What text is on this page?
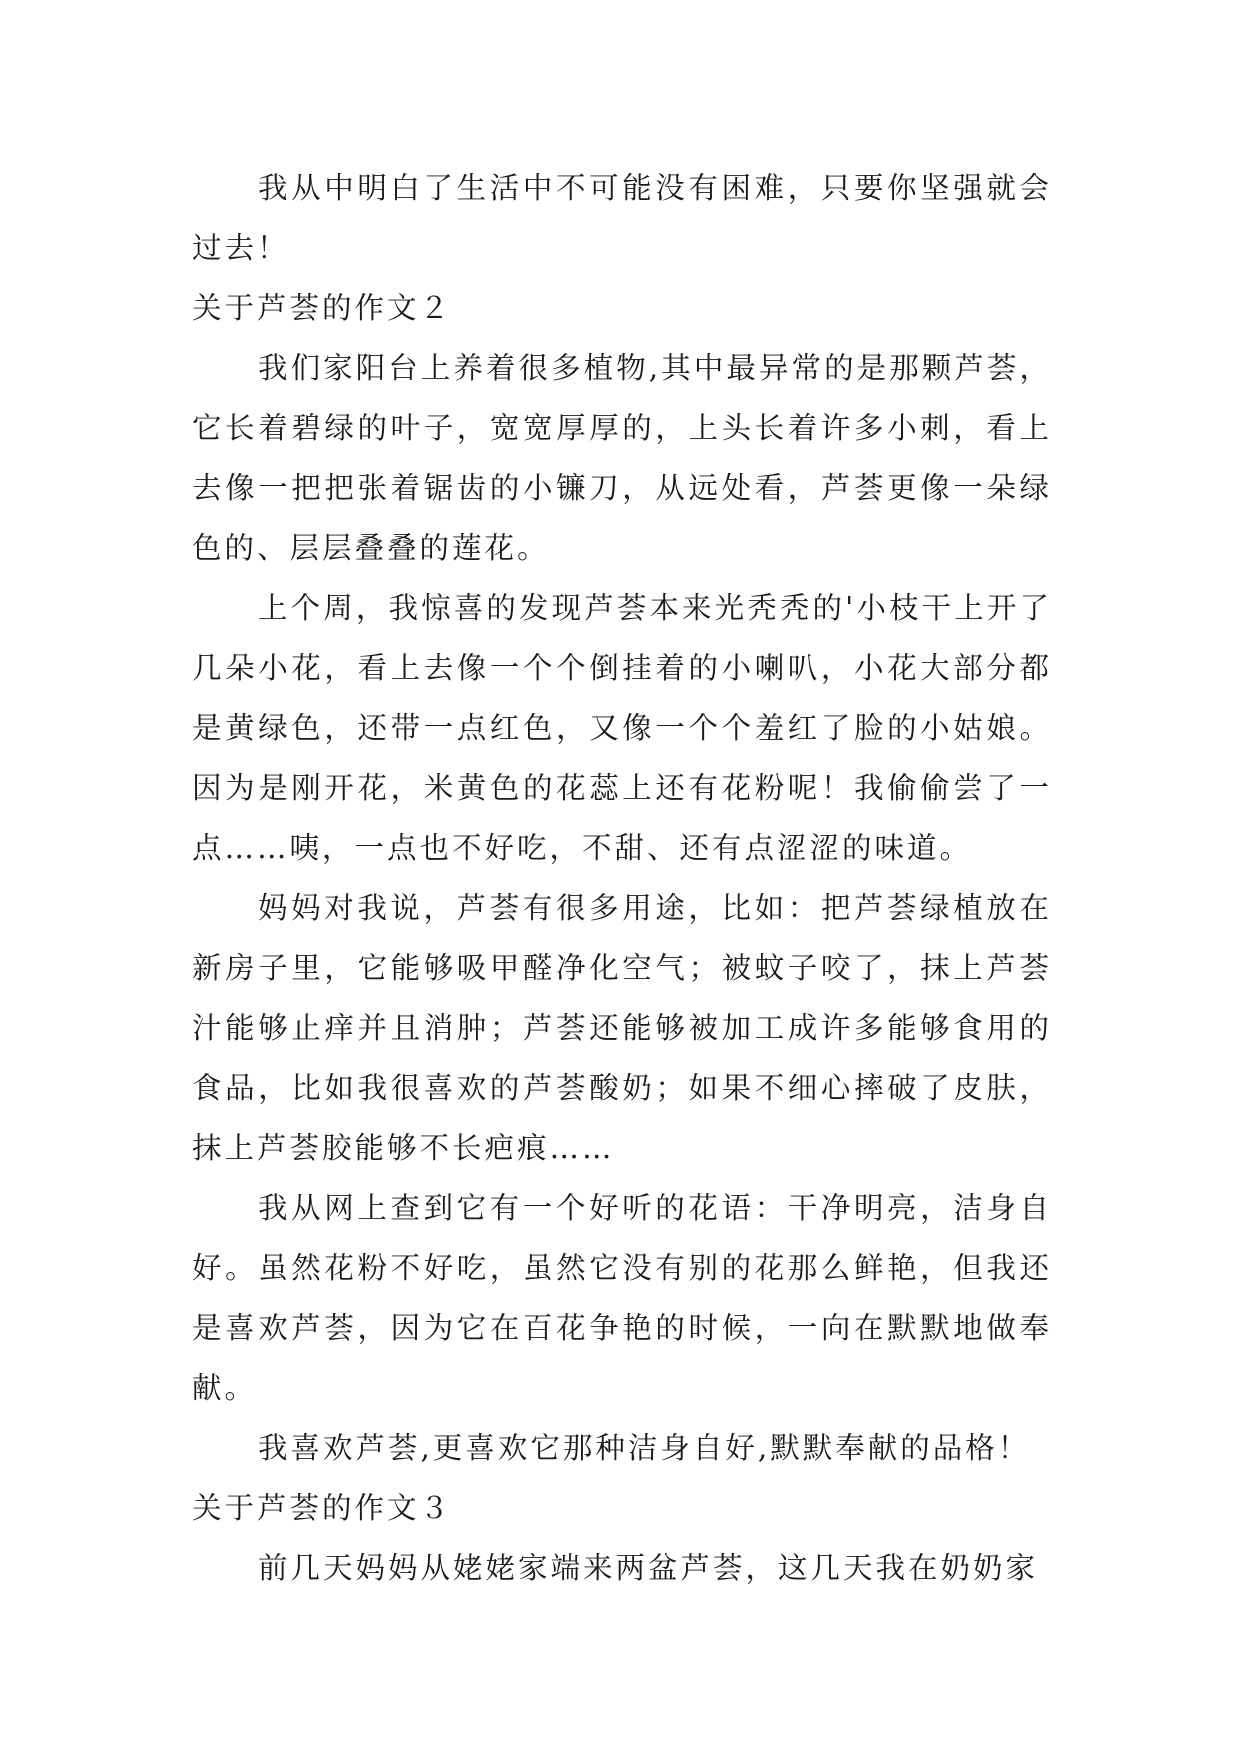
我从中明白了生活中不可能没有困难，只要你坚强就会过去！

关于芦荟的作文２

我们家阳台上养着很多植物,其中最异常的是那颗芦荟，它长着碧绿的叶子，宽宽厚厚的，上头长着许多小刺，看上去像一把把张着锯齿的小镰刀，从远处看，芦荟更像一朵绿色的、层层叠叠的莲花。

上个周，我惊喜的发现芦荟本来光秃秃的'小枝干上开了几朵小花，看上去像一个个倒挂着的小喇叭，小花大部分都是黄绿色，还带一点红色，又像一个个羞红了脸的小姑娘。因为是刚开花，米黄色的花蕊上还有花粉呢！我偷偷尝了一点……咦，一点也不好吃，不甜、还有点涩涩的味道。

妈妈对我说，芦荟有很多用途，比如：把芦荟绿植放在新房子里，它能够吸甲醛净化空气；被蚊子咬了，抹上芦荟汁能够止痒并且消肿；芦荟还能够被加工成许多能够食用的食品，比如我很喜欢的芦荟酸奶；如果不细心摔破了皮肤，抹上芦荟胶能够不长疤痕……

我从网上查到它有一个好听的花语：干净明亮，洁身自好。虽然花粉不好吃，虽然它没有别的花那么鲜艳，但我还是喜欢芦荟，因为它在百花争艳的时候，一向在默默地做奉献。

我喜欢芦荟,更喜欢它那种洁身自好,默默奉献的品格！

关于芦荟的作文３

前几天妈妈从姥姥家端来两盆芦荟，这几天我在奶奶家
